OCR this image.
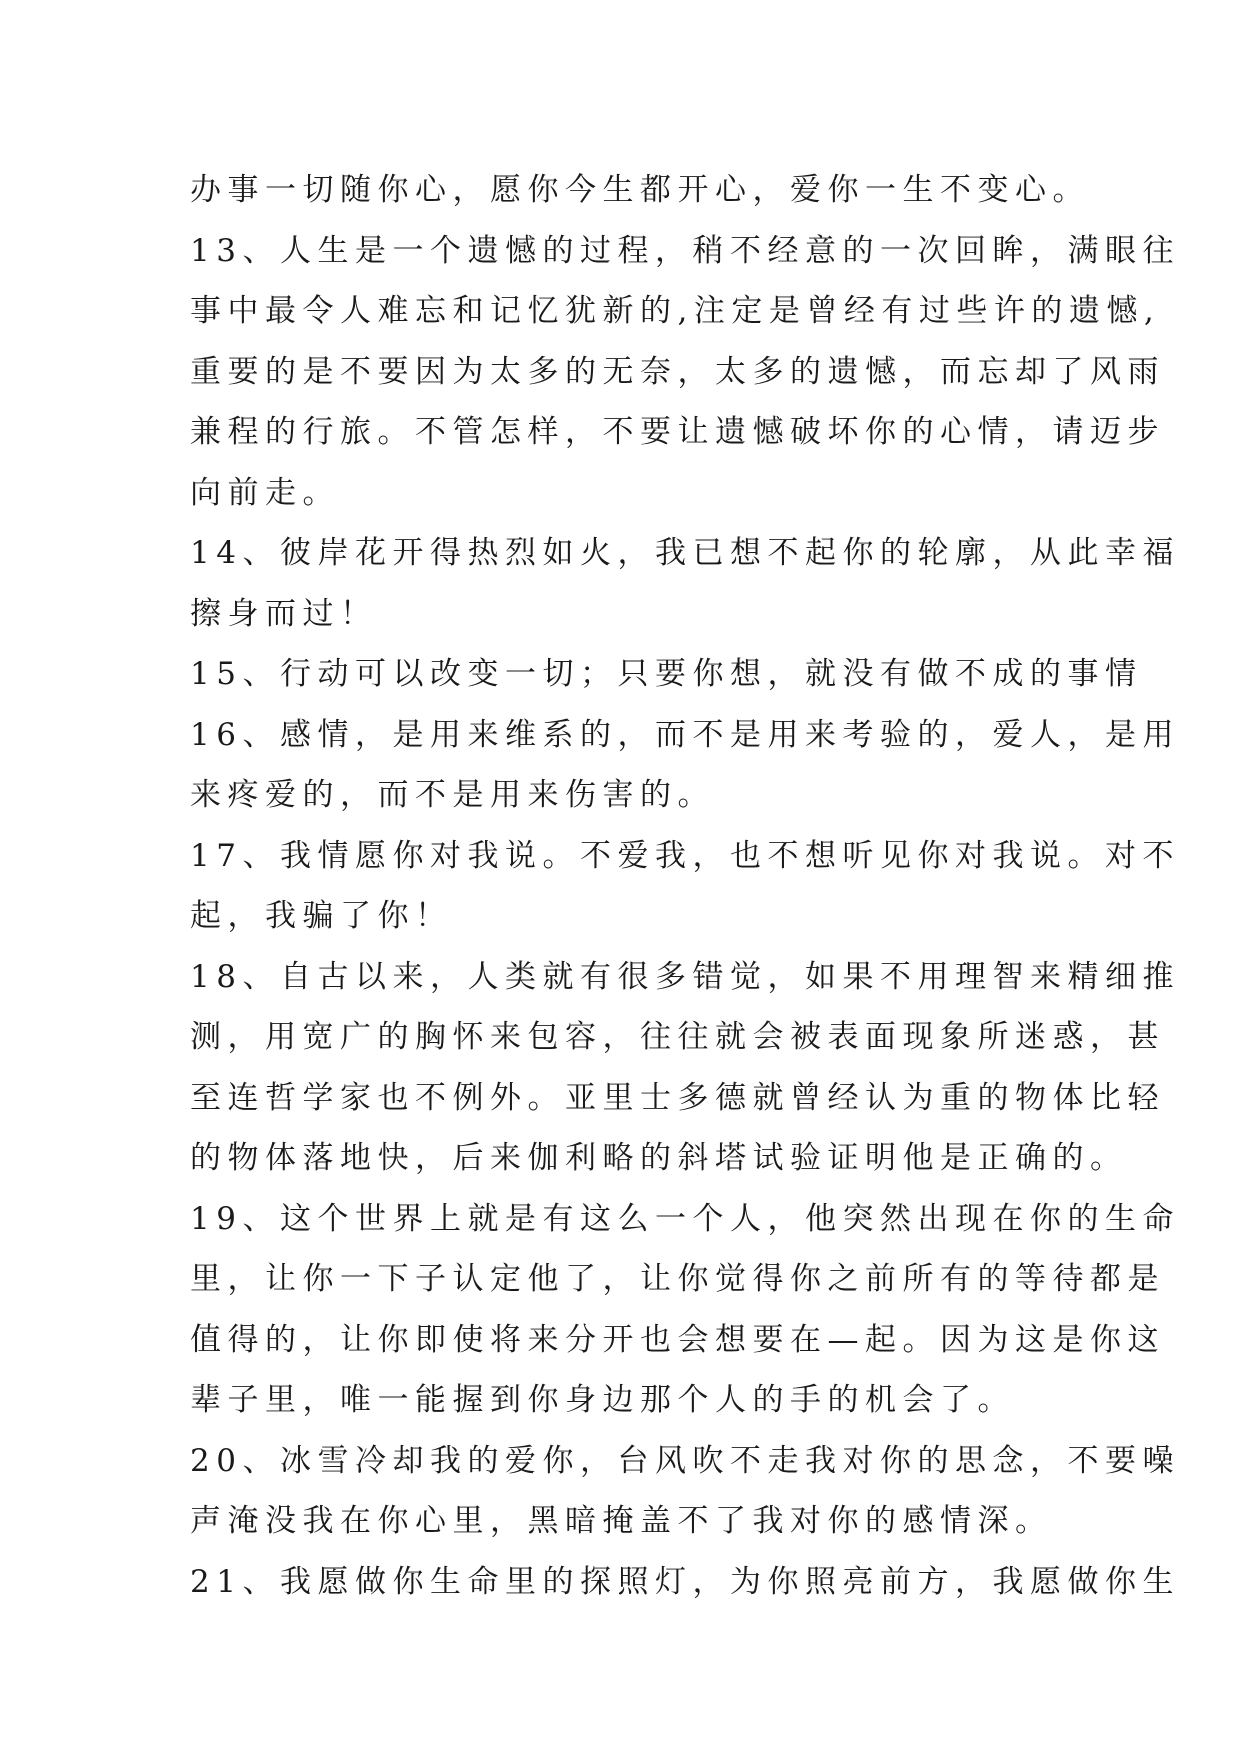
办事一切随你心，愿你今生都开心，爱你一生不变心。
13、人生是一个遗憾的过程，稍不经意的一次回眸，满眼往
事中最令人难忘和记忆犹新的,注定是曾经有过些许的遗憾,
重要的是不要因为太多的无奈，太多的遗憾，而忘却了风雨
兼程的行旅。不管怎样，不要让遗憾破坏你的心情，请迈步
向前走。
14、彼岸花开得热烈如火，我已想不起你的轮廓，从此幸福
擦身而过！
15、行动可以改变一切；只要你想，就没有做不成的事情
16、感情，是用来维系的，而不是用来考验的，爱人，是用
来疼爱的，而不是用来伤害的。
17、我情愿你对我说。不爱我，也不想听见你对我说。对不
起，我骗了你！
18、自古以来，人类就有很多错觉，如果不用理智来精细推
测，用宽广的胸怀来包容，往往就会被表面现象所迷惑，甚
至连哲学家也不例外。亚里士多德就曾经认为重的物体比轻
的物体落地快，后来伽利略的斜塔试验证明他是正确的。
19、这个世界上就是有这么一个人，他突然出现在你的生命
里，让你一下子认定他了，让你觉得你之前所有的等待都是
值得的，让你即使将来分开也会想要在—起。因为这是你这
辈子里，唯一能握到你身边那个人的手的机会了。
20、冰雪冷却我的爱你，台风吹不走我对你的思念，不要噪
声淹没我在你心里，黑暗掩盖不了我对你的感情深。
21、我愿做你生命里的探照灯，为你照亮前方，我愿做你生
